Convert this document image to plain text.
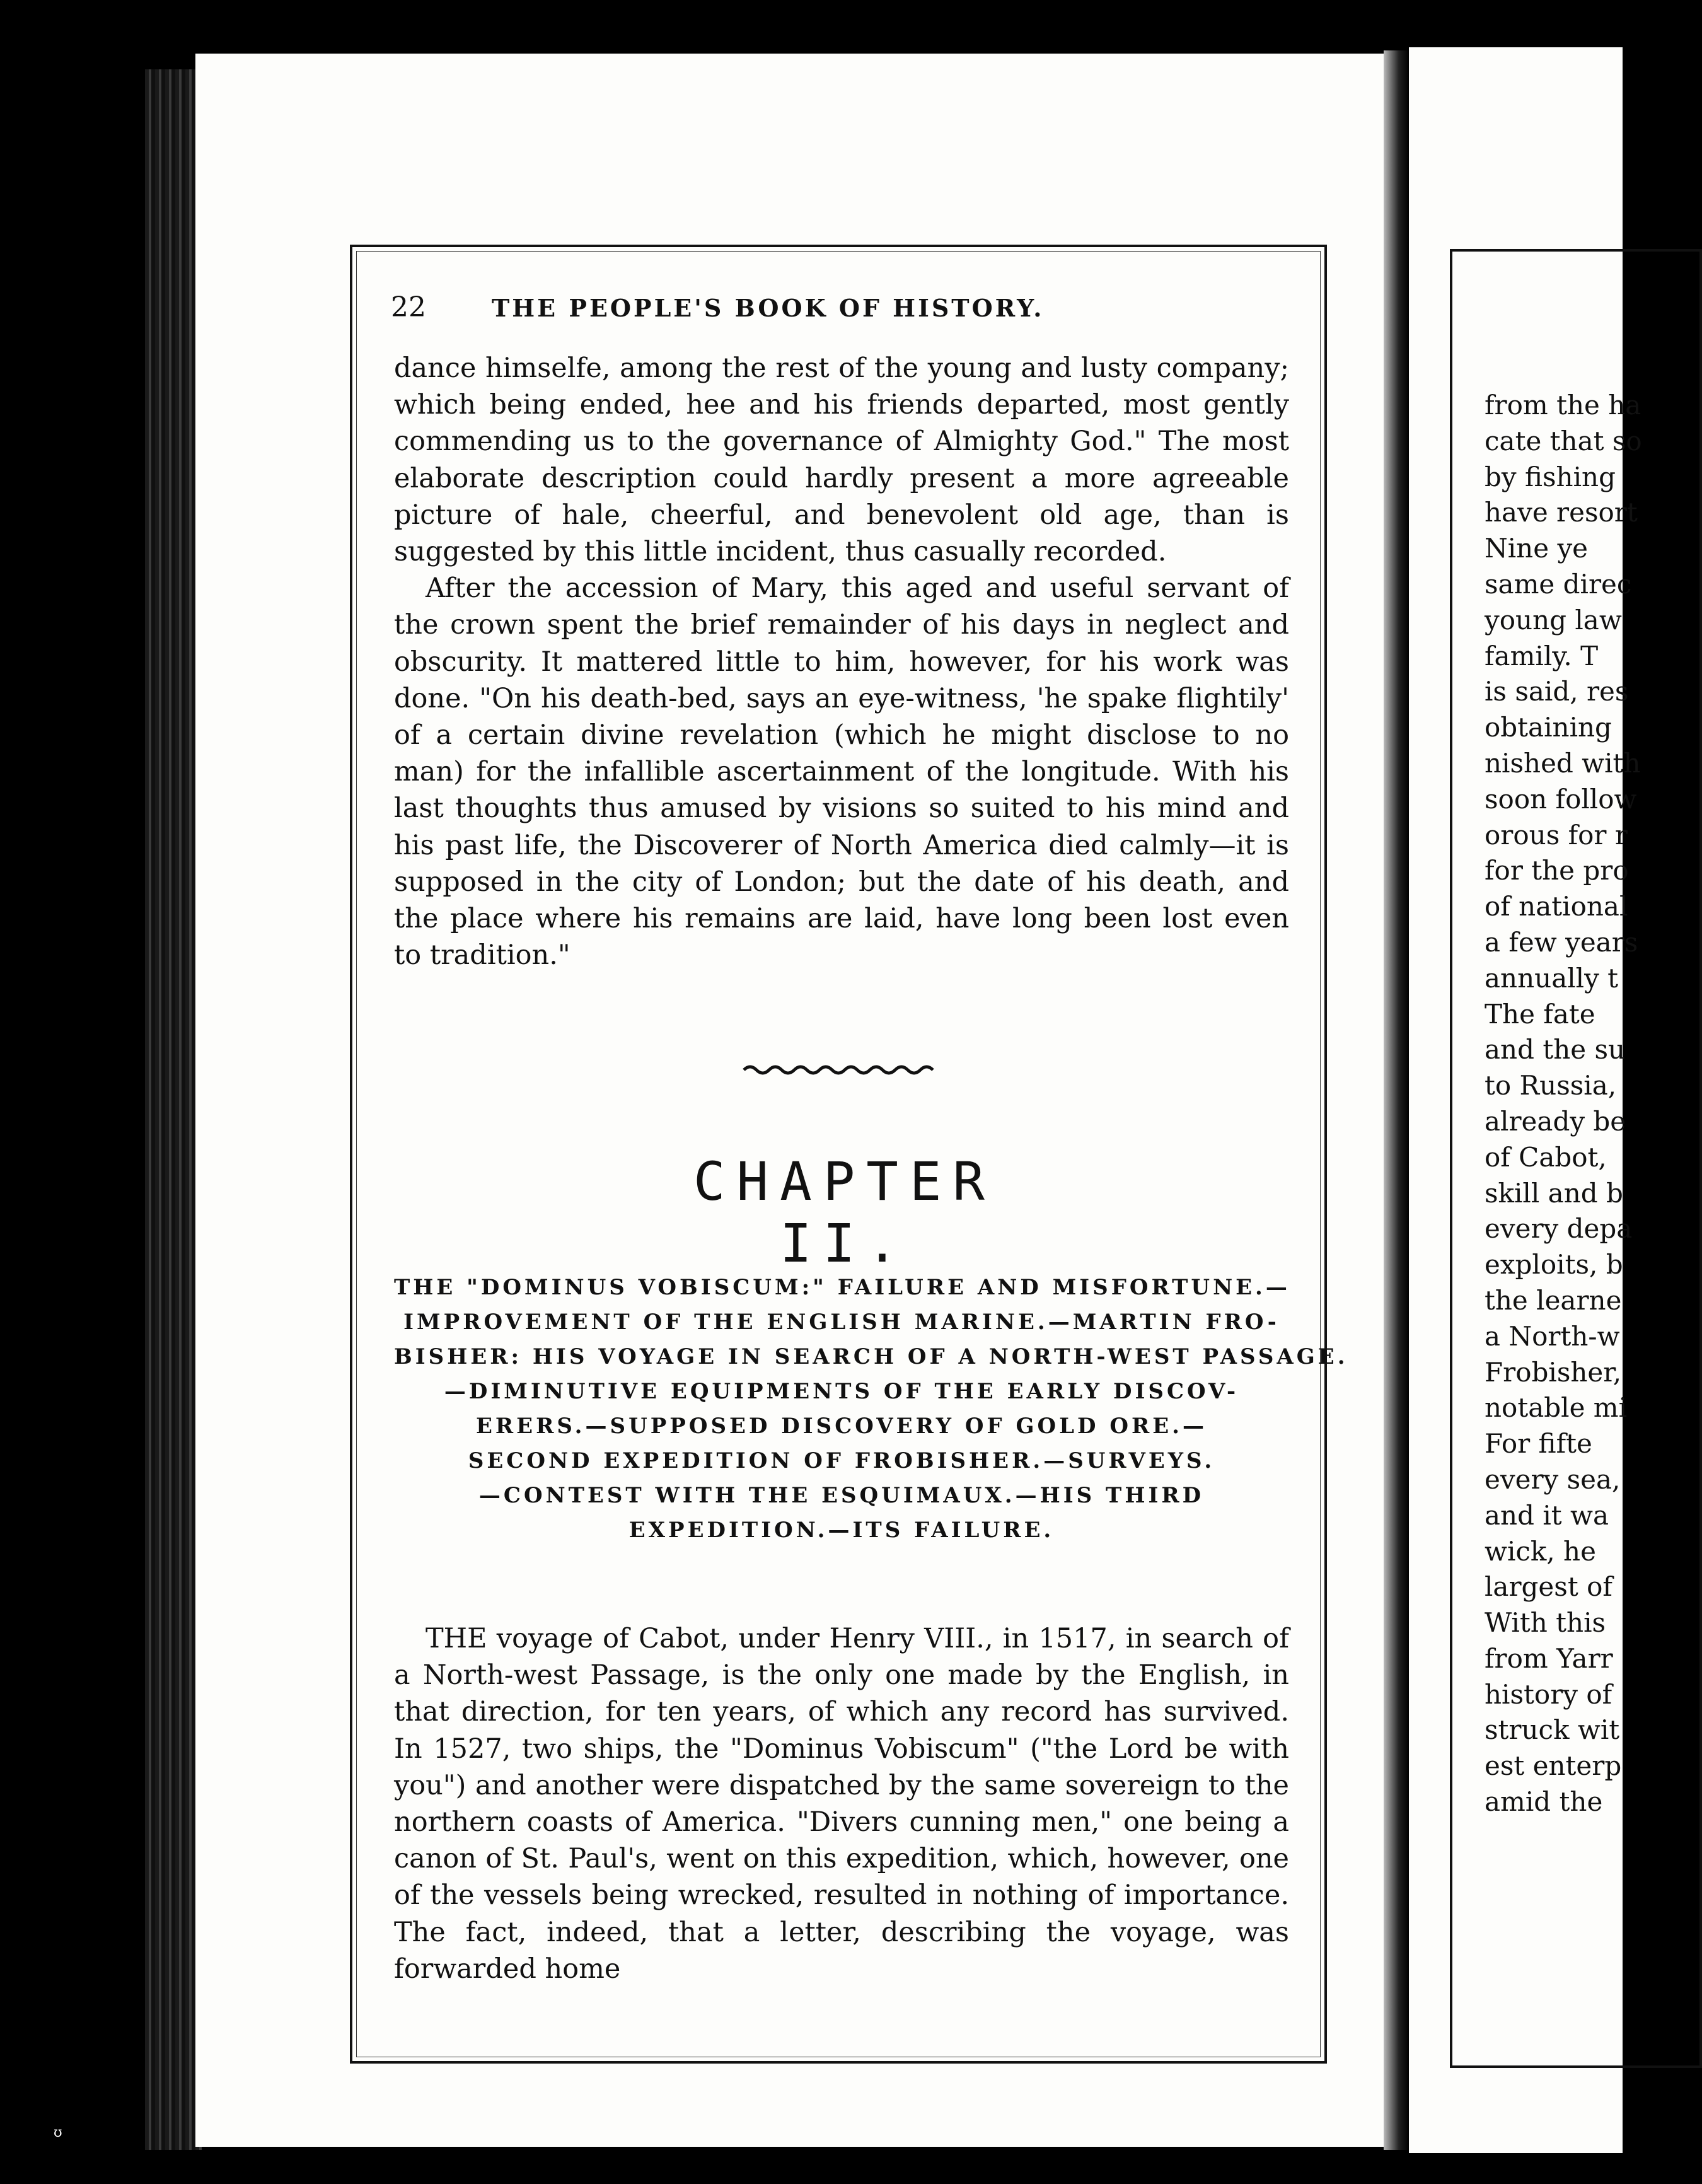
from the ha
cate that so
by fishing
have resort
Nine ye
same direc
young law
family. T
is said, res
obtaining
nished with
soon follow
orous for r
for the pro
of national
a few years
annually t
The fate
and the su
to Russia,
already be
of Cabot,
skill and b
every depa
exploits, b
the learne
a North-w
Frobisher,
notable mi
For fifte
every sea,
and it wa
wick, he
largest of
With this
from Yarr
history of
struck wit
est enterp
amid the
22	THE PEOPLE'S BOOK OF HISTORY.

dance himselfe, among the rest of the young and lusty company; which being ended, hee and his friends departed, most gently commending us to the governance of Almighty God." The most elaborate description could hardly present a more agreeable picture of hale, cheerful, and benevolent old age, than is suggested by this little incident, thus casually recorded.

After the accession of Mary, this aged and useful servant of the crown spent the brief remainder of his days in neglect and obscurity. It mattered little to him, however, for his work was done. "On his death-bed, says an eye-witness, 'he spake flightily' of a certain divine revelation (which he might disclose to no man) for the infallible ascertainment of the longitude. With his last thoughts thus amused by visions so suited to his mind and his past life, the Discoverer of North America died calmly—it is supposed in the city of London; but the date of his death, and the place where his remains are laid, have long been lost even to tradition."

CHAPTER II.
THE "DOMINUS VOBISCUM:" FAILURE AND MISFORTUNE.—
IMPROVEMENT OF THE ENGLISH MARINE.—MARTIN FRO-
BISHER: HIS VOYAGE IN SEARCH OF A NORTH-WEST PASSAGE.
—DIMINUTIVE EQUIPMENTS OF THE EARLY DISCOV-
ERERS.—SUPPOSED DISCOVERY OF GOLD ORE.—
SECOND EXPEDITION OF FROBISHER.—SURVEYS.
—CONTEST WITH THE ESQUIMAUX.—HIS THIRD
EXPEDITION.—ITS FAILURE.

THE voyage of Cabot, under Henry VIII., in 1517, in search of a North-west Passage, is the only one made by the English, in that direction, for ten years, of which any record has survived. In 1527, two ships, the "Dominus Vobiscum" ("the Lord be with you") and another were dispatched by the same sovereign to the northern coasts of America. "Divers cunning men," one being a canon of St. Paul's, went on this expedition, which, however, one of the vessels being wrecked, resulted in nothing of importance. The fact, indeed, that a letter, describing the voyage, was forwarded home

ʊ
